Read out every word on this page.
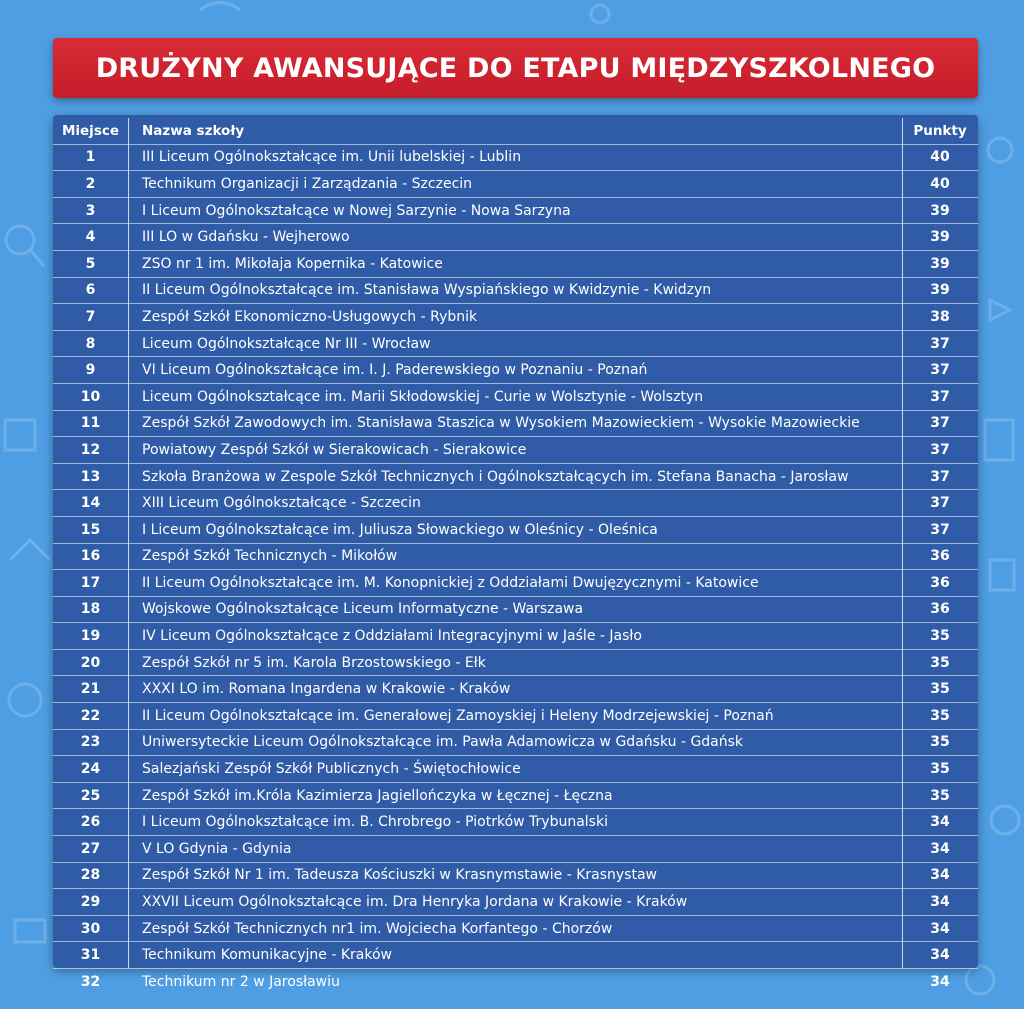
DRUŻYNY AWANSUJĄCE DO ETAPU MIĘDZYSZKOLNEGO
Miejsce	Nazwa szkoły	Punkty
1	III Liceum Ogólnokształcące im. Unii lubelskiej - Lublin	40
2	Technikum Organizacji i Zarządzania - Szczecin	40
3	I Liceum Ogólnokształcące w Nowej Sarzynie - Nowa Sarzyna	39
4	III LO w Gdańsku - Wejherowo	39
5	ZSO nr 1 im. Mikołaja Kopernika - Katowice	39
6	II Liceum Ogólnokształcące im. Stanisława Wyspiańskiego w Kwidzynie - Kwidzyn	39
7	Zespół Szkół Ekonomiczno-Usługowych - Rybnik	38
8	Liceum Ogólnokształcące Nr III - Wrocław	37
9	VI Liceum Ogólnokształcące im. I. J. Paderewskiego w Poznaniu - Poznań	37
10	Liceum Ogólnokształcące im. Marii Skłodowskiej - Curie w Wolsztynie - Wolsztyn	37
11	Zespół Szkół Zawodowych im. Stanisława Staszica w Wysokiem Mazowieckiem - Wysokie Mazowieckie	37
12	Powiatowy Zespół Szkół w Sierakowicach - Sierakowice	37
13	Szkoła Branżowa w Zespole Szkół Technicznych i Ogólnokształcących im. Stefana Banacha - Jarosław	37
14	XIII Liceum Ogólnokształcące - Szczecin	37
15	I Liceum Ogólnokształcące im. Juliusza Słowackiego w Oleśnicy - Oleśnica	37
16	Zespół Szkół Technicznych - Mikołów	36
17	II Liceum Ogólnokształcące im. M. Konopnickiej z Oddziałami Dwujęzycznymi - Katowice	36
18	Wojskowe Ogólnokształcące Liceum Informatyczne - Warszawa	36
19	IV Liceum Ogólnokształcące z Oddziałami Integracyjnymi w Jaśle - Jasło	35
20	Zespół Szkół nr 5 im. Karola Brzostowskiego - Ełk	35
21	XXXI LO im. Romana Ingardena w Krakowie - Kraków	35
22	II Liceum Ogólnokształcące im. Generałowej Zamoyskiej i Heleny Modrzejewskiej - Poznań	35
23	Uniwersyteckie Liceum Ogólnokształcące im. Pawła Adamowicza w Gdańsku - Gdańsk	35
24	Salezjański Zespół Szkół Publicznych - Świętochłowice	35
25	Zespół Szkół im.Króla Kazimierza Jagiellończyka w Łęcznej - Łęczna	35
26	I Liceum Ogólnokształcące im. B. Chrobrego - Piotrków Trybunalski	34
27	V LO Gdynia - Gdynia	34
28	Zespół Szkół Nr 1 im. Tadeusza Kościuszki w Krasnymstawie - Krasnystaw	34
29	XXVII Liceum Ogólnokształcące im. Dra Henryka Jordana w Krakowie - Kraków	34
30	Zespół Szkół Technicznych nr1 im. Wojciecha Korfantego - Chorzów	34
31	Technikum Komunikacyjne - Kraków	34
32	Technikum nr 2 w Jarosławiu	34
